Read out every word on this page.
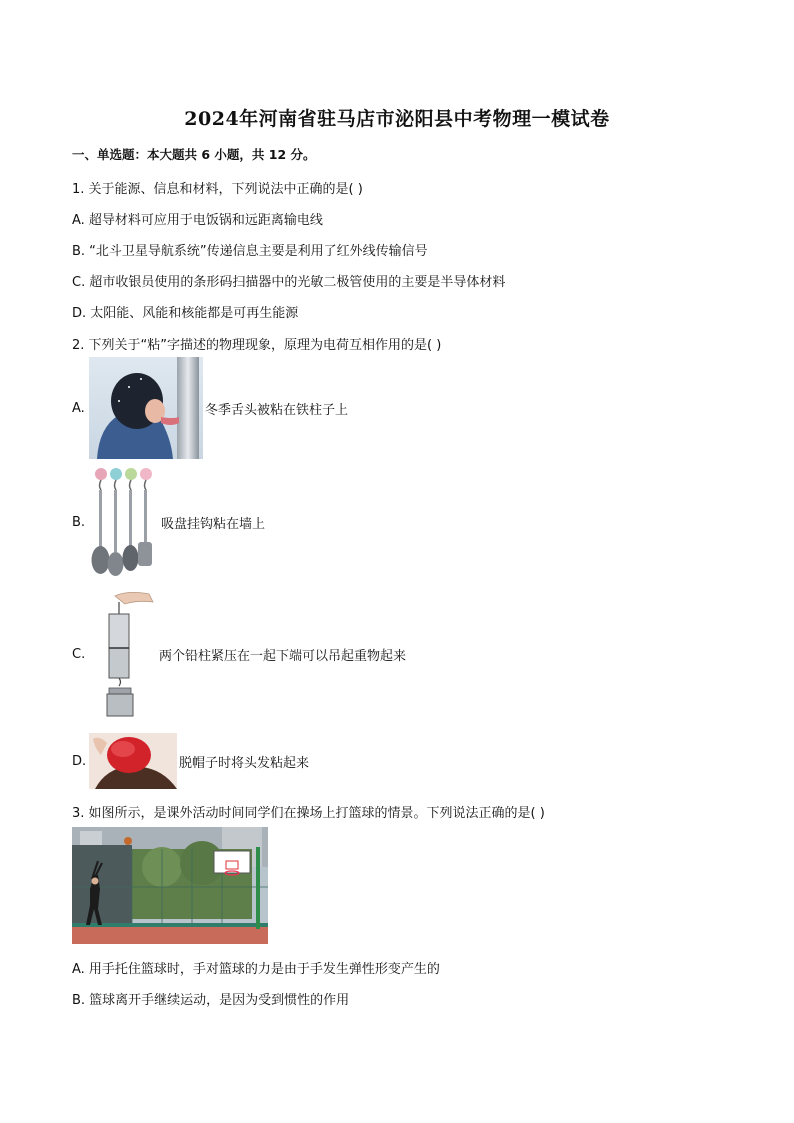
2024年河南省驻马店市泌阳县中考物理一模试卷
一、单选题：本大题共 6 小题，共 12 分。
1. 关于能源、信息和材料，下列说法中正确的是( )
A. 超导材料可应用于电饭锅和远距离输电线
B. “北斗卫星导航系统”传递信息主要是利用了红外线传输信号
C. 超市收银员使用的条形码扫描器中的光敏二极管使用的主要是半导体材料
D. 太阳能、风能和核能都是可再生能源
2. 下列关于“粘”字描述的物理现象，原理为电荷互相作用的是( )
A.	冬季舌头被粘在铁柱子上
B.	吸盘挂钩粘在墙上
C.	两个铅柱紧压在一起下端可以吊起重物起来
D.	脱帽子时将头发粘起来
3. 如图所示，是课外活动时间同学们在操场上打篮球的情景。下列说法正确的是( )
A. 用手托住篮球时，手对篮球的力是由于手发生弹性形变产生的
B. 篮球离开手继续运动，是因为受到惯性的作用
